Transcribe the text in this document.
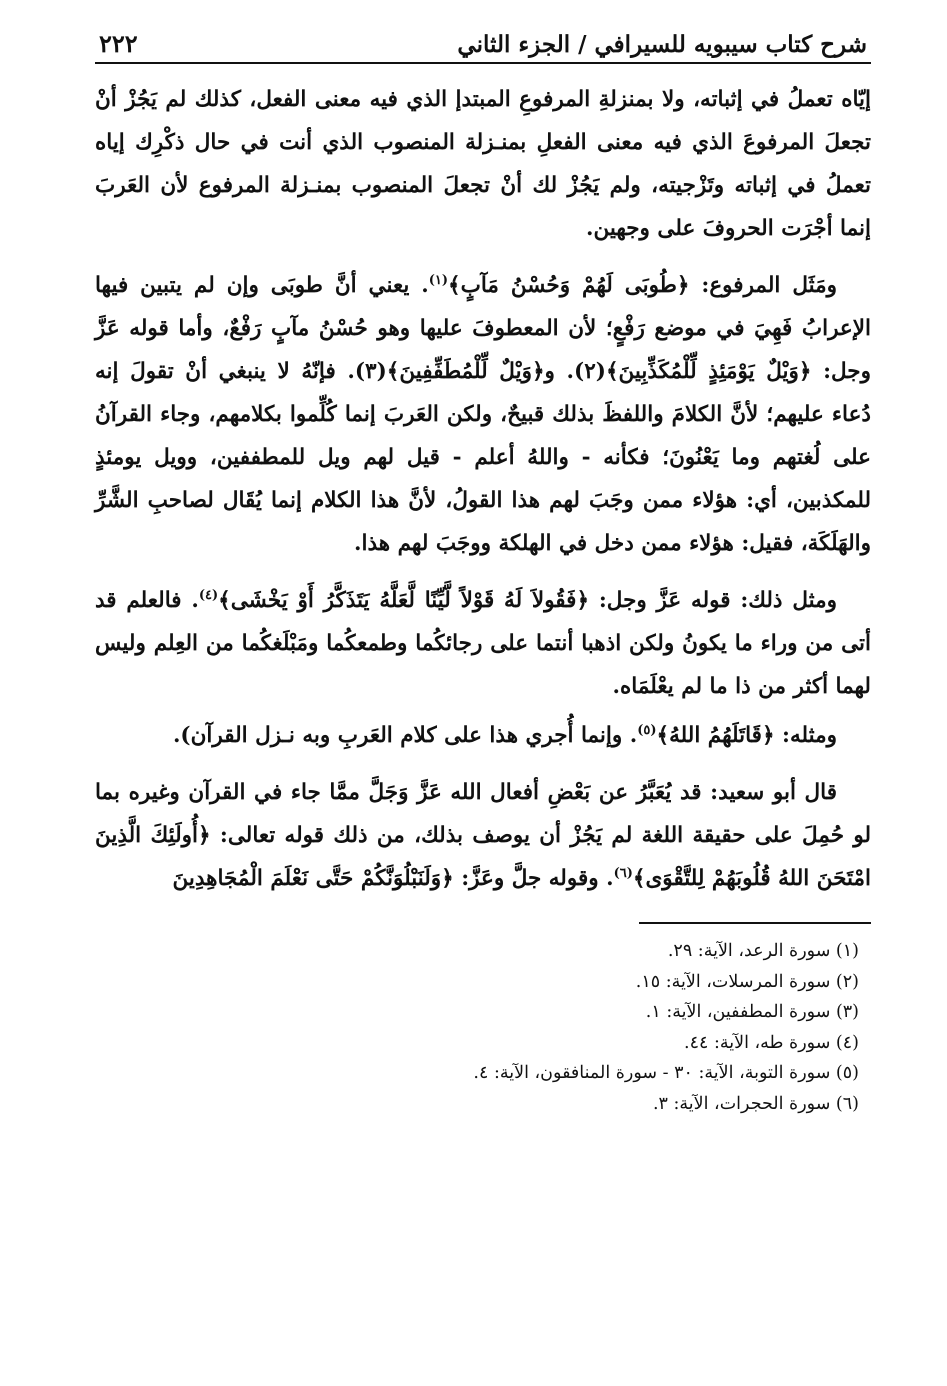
شرح كتاب سيبويه للسيرافي / الجزء الثاني
٢٢٢

إيّاه تعملُ في إثباته، ولا بمنزلةِ المرفوعِ المبتدإ الذي فيه معنى الفعل، كذلك لم يَجُزْ أنْ تجعلَ المرفوعَ الذي فيه معنى الفعلِ بمنـزلة المنصوب الذي أنت في حال ذكْرِك إياه تعملُ في إثباته وتَزْجيته، ولم يَجُزْ لك أنْ تجعلَ المنصوب بمنـزلة المرفوع لأن العَربَ إنما أجْرَت الحروفَ على وجهين.

ومَثَل المرفوع: ﴿طُوبَى لَهُمْ وَحُسْنُ مَآبٍ﴾$^{(١)}$. يعني أنَّ طوبَى وإن لم يتبين فيها الإعرابُ فَهِيَ في موضع رَفْعٍ؛ لأن المعطوفَ عليها وهو حُسْنُ مآبٍ رَفْعٌ، وأما قوله عَزَّ وجل: ﴿وَيْلٌ يَوْمَئِذٍ لِّلْمُكَذِّبِينَ﴾(٢). و﴿وَيْلٌ لِّلْمُطَفِّفِينَ﴾(٣). فإنّهُ لا ينبغي أنْ تقولَ إنه دُعاء عليهم؛ لأنَّ الكلامَ واللفظَ بذلك قبيحٌ، ولكن العَربَ إنما كُلِّموا بكلامهم، وجاء القرآنُ على لُغتهم وما يَعْنُونَ؛ فكأنه - واللهُ أعلم - قيل لهم ويل للمطففين، وويل يومئذٍ للمكذبين، أي: هؤلاء ممن وجَبَ لهم هذا القولُ، لأنَّ هذا الكلام إنما يُقَال لصاحبِ الشَّرِّ والهَلَكَة، فقيل: هؤلاء ممن دخل في الهلكة ووجَبَ لهم هذا.

ومثل ذلك: قوله عَزَّ وجل: ﴿فَقُولاَ لَهُ قَوْلاً لَّيِّنًا لَّعَلَّهُ يَتَذَكَّرُ أَوْ يَخْشَى﴾$^{(٤)}$. فالعلم قد أتى من وراء ما يكونُ ولكن اذهبا أنتما على رجائكُما وطمعكُما ومَبْلَغكُما من العِلم وليس لهما أكثر من ذا ما لم يعْلَمَاه.

ومثله: ﴿قَاتَلَهُمُ اللهُ﴾$^{(٥)}$. وإنما أُجري هذا على كلام العَربِ وبه نـزل القرآن).

قال أبو سعيد: قد يُعَبَّرُ عن بَعْضِ أفعال الله عَزَّ وَجَلَّ ممَّا جاء في القرآن وغيره بما لو حُمِلَ على حقيقة اللغة لم يَجُزْ أن يوصف بذلك، من ذلك قوله تعالى: ﴿أُولَئِكَ الَّذِينَ امْتَحَنَ اللهُ قُلُوبَهُمْ لِلتَّقْوَى﴾$^{(٦)}$. وقوله جلَّ وعَزَّ: ﴿وَلَنَبْلُوَنَّكُمْ حَتَّى نَعْلَمَ الْمُجَاهِدِينَ

(١) سورة الرعد، الآية: ٢٩.
(٢) سورة المرسلات، الآية: ١٥.
(٣) سورة المطففين، الآية: ١.
(٤) سورة طه، الآية: ٤٤.
(٥) سورة التوبة، الآية: ٣٠ - سورة المنافقون، الآية: ٤.
(٦) سورة الحجرات، الآية: ٣.
